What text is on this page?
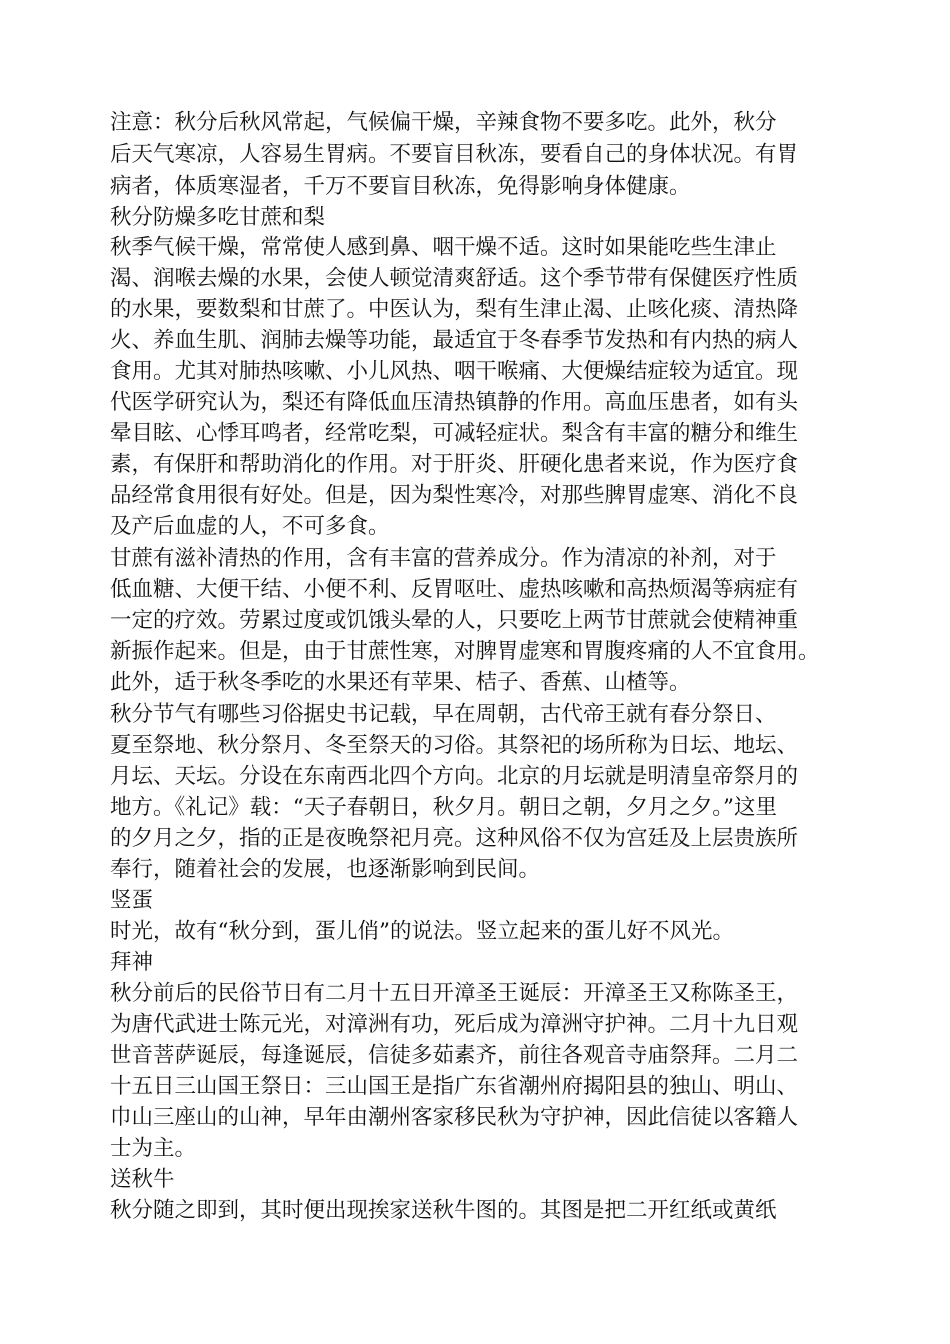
注意：秋分后秋风常起，气候偏干燥，辛辣食物不要多吃。此外，秋分
后天气寒凉，人容易生胃病。不要盲目秋冻，要看自己的身体状况。有胃
病者，体质寒湿者，千万不要盲目秋冻，免得影响身体健康。
秋分防燥多吃甘蔗和梨
秋季气候干燥，常常使人感到鼻、咽干燥不适。这时如果能吃些生津止
渴、润喉去燥的水果，会使人顿觉清爽舒适。这个季节带有保健医疗性质
的水果，要数梨和甘蔗了。中医认为，梨有生津止渴、止咳化痰、清热降
火、养血生肌、润肺去燥等功能，最适宜于冬春季节发热和有内热的病人
食用。尤其对肺热咳嗽、小儿风热、咽干喉痛、大便燥结症较为适宜。现
代医学研究认为，梨还有降低血压清热镇静的作用。高血压患者，如有头
晕目眩、心悸耳鸣者，经常吃梨，可减轻症状。梨含有丰富的糖分和维生
素，有保肝和帮助消化的作用。对于肝炎、肝硬化患者来说，作为医疗食
品经常食用很有好处。但是，因为梨性寒冷，对那些脾胃虚寒、消化不良
及产后血虚的人，不可多食。
甘蔗有滋补清热的作用，含有丰富的营养成分。作为清凉的补剂，对于
低血糖、大便干结、小便不利、反胃呕吐、虚热咳嗽和高热烦渴等病症有
一定的疗效。劳累过度或饥饿头晕的人，只要吃上两节甘蔗就会使精神重
新振作起来。但是，由于甘蔗性寒，对脾胃虚寒和胃腹疼痛的人不宜食用。
此外，适于秋冬季吃的水果还有苹果、桔子、香蕉、山楂等。
秋分节气有哪些习俗据史书记载，早在周朝，古代帝王就有春分祭日、
夏至祭地、秋分祭月、冬至祭天的习俗。其祭祀的场所称为日坛、地坛、
月坛、天坛。分设在东南西北四个方向。北京的月坛就是明清皇帝祭月的
地方。《礼记》载：“天子春朝日，秋夕月。朝日之朝，夕月之夕。”这里
的夕月之夕，指的正是夜晚祭祀月亮。这种风俗不仅为宫廷及上层贵族所
奉行，随着社会的发展，也逐渐影响到民间。
竖蛋
时光，故有“秋分到，蛋儿俏”的说法。竖立起来的蛋儿好不风光。
拜神
秋分前后的民俗节日有二月十五日开漳圣王诞辰：开漳圣王又称陈圣王，
为唐代武进士陈元光，对漳洲有功，死后成为漳洲守护神。二月十九日观
世音菩萨诞辰，每逢诞辰，信徒多茹素齐，前往各观音寺庙祭拜。二月二
十五日三山国王祭日：三山国王是指广东省潮州府揭阳县的独山、明山、
巾山三座山的山神，早年由潮州客家移民秋为守护神，因此信徒以客籍人
士为主。
送秋牛
秋分随之即到，其时便出现挨家送秋牛图的。其图是把二开红纸或黄纸
